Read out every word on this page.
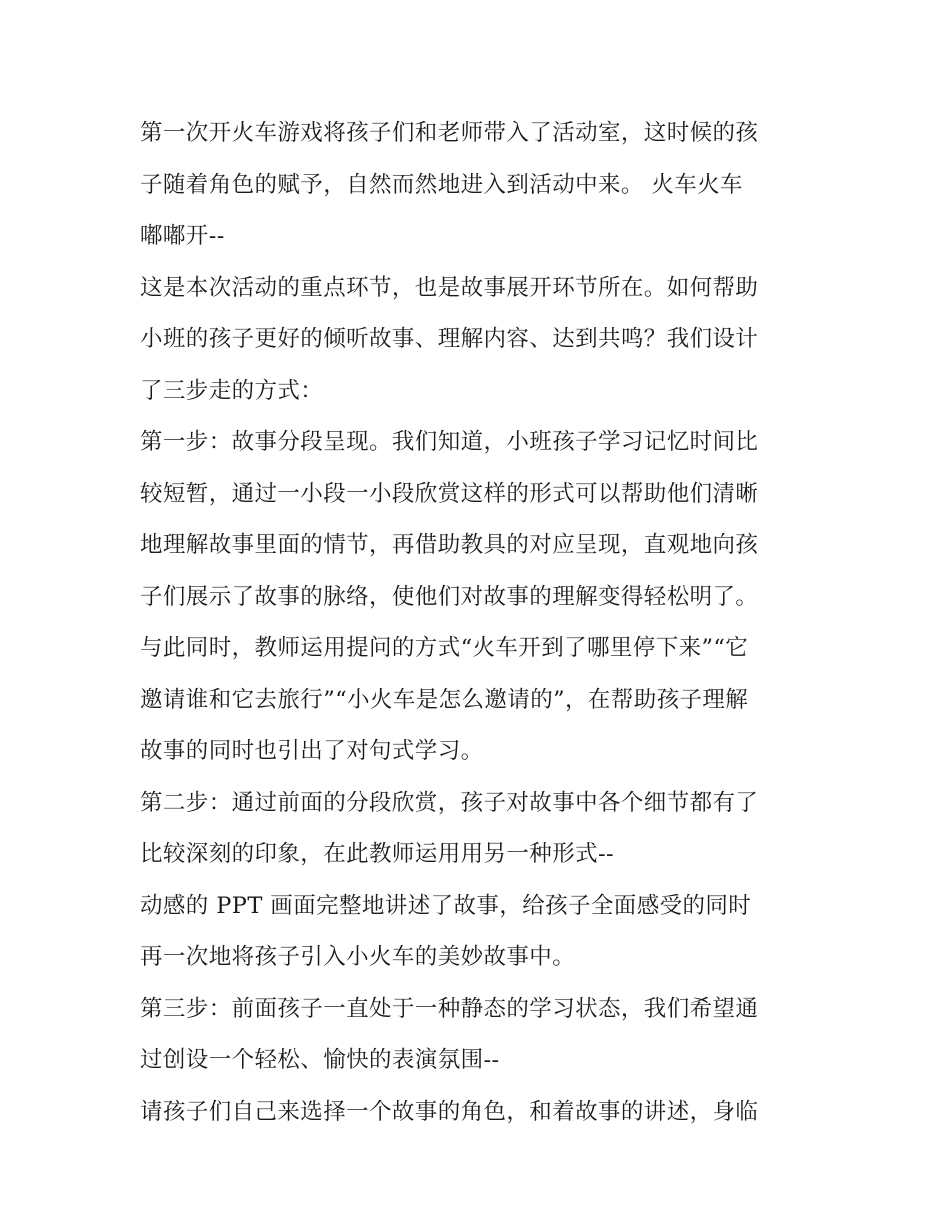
第一次开火车游戏将孩子们和老师带入了活动室，这时候的孩
子随着角色的赋予，自然而然地进入到活动中来。 火车火车
嘟嘟开--
这是本次活动的重点环节，也是故事展开环节所在。如何帮助
小班的孩子更好的倾听故事、理解内容、达到共鸣？我们设计
了三步走的方式：
第一步：故事分段呈现。我们知道，小班孩子学习记忆时间比
较短暂，通过一小段一小段欣赏这样的形式可以帮助他们清晰
地理解故事里面的情节，再借助教具的对应呈现，直观地向孩
子们展示了故事的脉络，使他们对故事的理解变得轻松明了。
与此同时，教师运用提问的方式“火车开到了哪里停下来”“它
邀请谁和它去旅行”“小火车是怎么邀请的”，在帮助孩子理解
故事的同时也引出了对句式学习。
第二步：通过前面的分段欣赏，孩子对故事中各个细节都有了
比较深刻的印象，在此教师运用用另一种形式--
动感的 PPT 画面完整地讲述了故事，给孩子全面感受的同时
再一次地将孩子引入小火车的美妙故事中。
第三步：前面孩子一直处于一种静态的学习状态，我们希望通
过创设一个轻松、愉快的表演氛围--
请孩子们自己来选择一个故事的角色，和着故事的讲述，身临
